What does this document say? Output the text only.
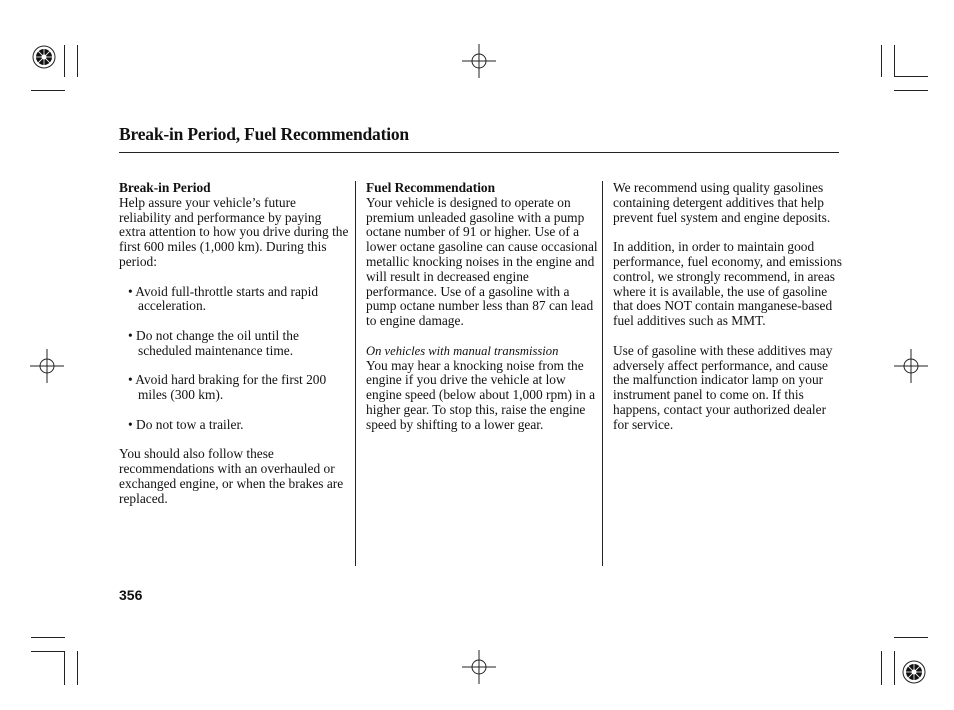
Break-in Period, Fuel Recommendation
Break-in Period

Help assure your vehicle’s future reliability and performance by paying extra attention to how you drive during the first 600 miles (1,000 km). During this period:

• Avoid full-throttle starts and rapid acceleration.
• Do not change the oil until the scheduled maintenance time.
• Avoid hard braking for the first 200 miles (300 km).
• Do not tow a trailer.

You should also follow these recommendations with an overhauled or exchanged engine, or when the brakes are replaced.

Fuel Recommendation

Your vehicle is designed to operate on premium unleaded gasoline with a pump octane number of 91 or higher. Use of a lower octane gasoline can cause occasional metallic knocking noises in the engine and will result in decreased engine performance. Use of a gasoline with a pump octane number less than 87 can lead to engine damage.

On vehicles with manual transmission

You may hear a knocking noise from the engine if you drive the vehicle at low engine speed (below about 1,000 rpm) in a higher gear. To stop this, raise the engine speed by shifting to a lower gear.

We recommend using quality gasolines containing detergent additives that help prevent fuel system and engine deposits.

In addition, in order to maintain good performance, fuel economy, and emissions control, we strongly recommend, in areas where it is available, the use of gasoline that does NOT contain manganese-based fuel additives such as MMT.

Use of gasoline with these additives may adversely affect performance, and cause the malfunction indicator lamp on your instrument panel to come on. If this happens, contact your authorized dealer for service.

356
